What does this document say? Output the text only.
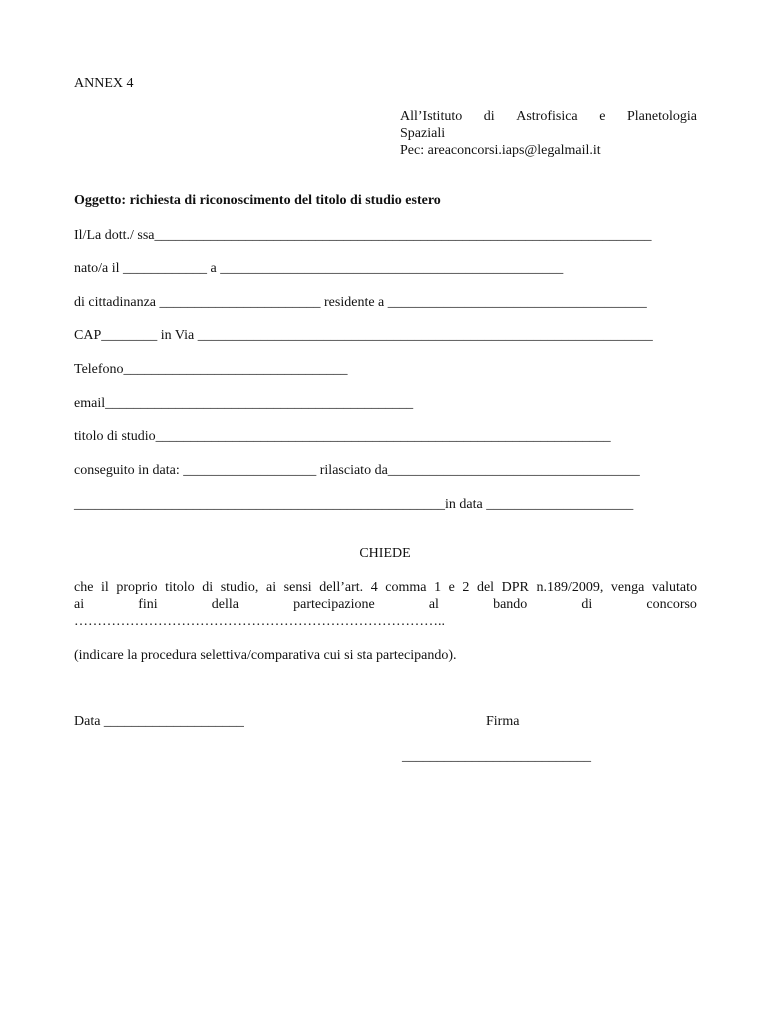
ANNEX 4
All’Istituto di Astrofisica e Planetologia
Spaziali
Pec: areaconcorsi.iaps@legalmail.it
Oggetto: richiesta di riconoscimento del titolo di studio estero
Il/La dott./ ssa_______________________________________________________________________
nato/a il ____________ a _________________________________________________
di cittadinanza _______________________ residente a _____________________________________
CAP________ in Via _________________________________________________________________
Telefono________________________________
email____________________________________________
titolo di studio_________________________________________________________________
conseguito in data: ___________________ rilasciato da____________________________________
_____________________________________________________in data _____________________
CHIEDE
che il proprio titolo di studio, ai sensi dell’art. 4 comma 1 e 2 del DPR n.189/2009, venga valutato
ai	fini	della	partecipazione	al	bando	di	concorso
……………………………………………………………………..
(indicare la procedura selettiva/comparativa cui si sta partecipando).
Data ____________________	Firma
___________________________
